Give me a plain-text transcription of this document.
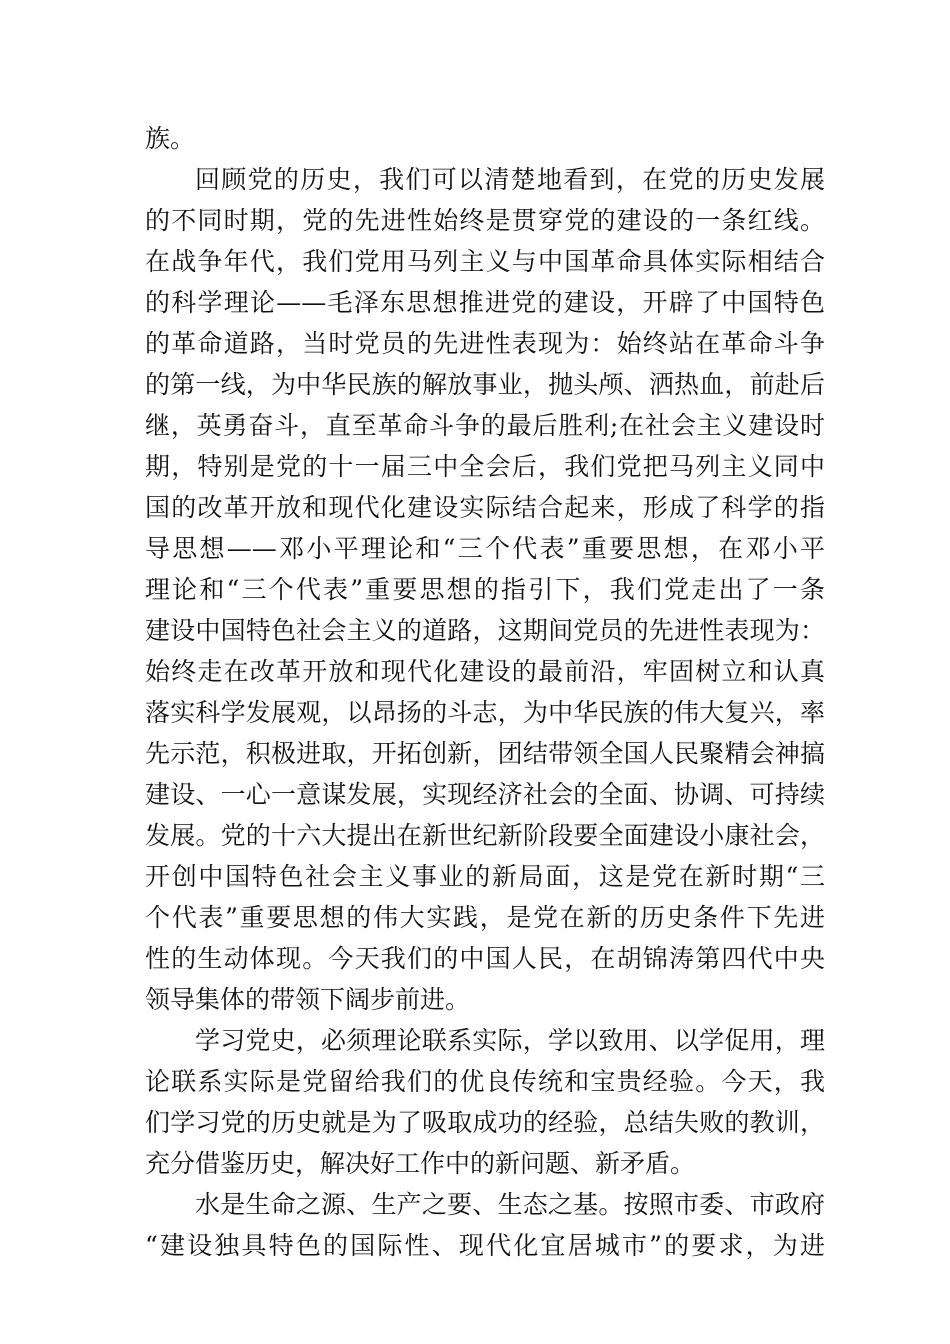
族。
回顾党的历史，我们可以清楚地看到，在党的历史发展
的不同时期，党的先进性始终是贯穿党的建设的一条红线。
在战争年代，我们党用马列主义与中国革命具体实际相结合
的科学理论——毛泽东思想推进党的建设，开辟了中国特色
的革命道路，当时党员的先进性表现为：始终站在革命斗争
的第一线，为中华民族的解放事业，抛头颅、洒热血，前赴后
继，英勇奋斗，直至革命斗争的最后胜利;在社会主义建设时
期，特别是党的十一届三中全会后，我们党把马列主义同中
国的改革开放和现代化建设实际结合起来，形成了科学的指
导思想——邓小平理论和“三个代表”重要思想，在邓小平
理论和“三个代表”重要思想的指引下，我们党走出了一条
建设中国特色社会主义的道路，这期间党员的先进性表现为：
始终走在改革开放和现代化建设的最前沿，牢固树立和认真
落实科学发展观，以昂扬的斗志，为中华民族的伟大复兴，率
先示范，积极进取，开拓创新，团结带领全国人民聚精会神搞
建设、一心一意谋发展，实现经济社会的全面、协调、可持续
发展。党的十六大提出在新世纪新阶段要全面建设小康社会，
开创中国特色社会主义事业的新局面，这是党在新时期“三
个代表”重要思想的伟大实践，是党在新的历史条件下先进
性的生动体现。今天我们的中国人民，在胡锦涛第四代中央
领导集体的带领下阔步前进。
学习党史，必须理论联系实际，学以致用、以学促用，理
论联系实际是党留给我们的优良传统和宝贵经验。今天，我
们学习党的历史就是为了吸取成功的经验，总结失败的教训，
充分借鉴历史，解决好工作中的新问题、新矛盾。
水是生命之源、生产之要、生态之基。按照市委、市政府
“建设独具特色的国际性、现代化宜居城市”的要求，为进
